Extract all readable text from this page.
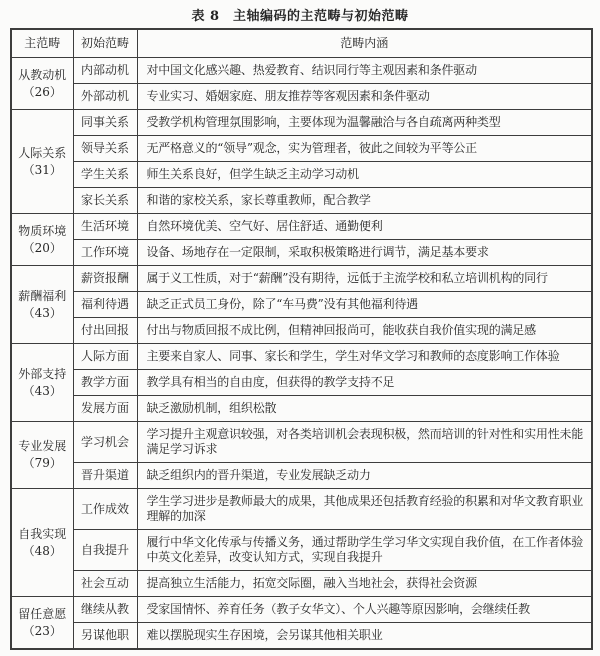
表 8　主轴编码的主范畴与初始范畴
主范畴	初始范畴	范畴内涵

从教动机
（26）	内部动机	对中国文化感兴趣、热爱教育、结识同行等主观因素和条件驱动
	外部动机	专业实习、婚姻家庭、朋友推荐等客观因素和条件驱动

人际关系
（31）	同事关系	受教学机构管理氛围影响，主要体现为温馨融洽与各自疏离两种类型
	领导关系	无严格意义的“领导”观念，实为管理者，彼此之间较为平等公正
	学生关系	师生关系良好，但学生缺乏主动学习动机
	家长关系	和谐的家校关系，家长尊重教师，配合教学

物质环境
（20）	生活环境	自然环境优美、空气好、居住舒适、通勤便利
	工作环境	设备、场地存在一定限制，采取积极策略进行调节，满足基本要求

薪酬福利
（43）	薪资报酬	属于义工性质，对于“薪酬”没有期待，远低于主流学校和私立培训机构的同行
	福利待遇	缺乏正式员工身份，除了“车马费”没有其他福利待遇
	付出回报	付出与物质回报不成比例，但精神回报尚可，能收获自我价值实现的满足感

外部支持
（43）	人际方面	主要来自家人、同事、家长和学生，学生对华文学习和教师的态度影响工作体验
	教学方面	教学具有相当的自由度，但获得的教学支持不足
	发展方面	缺乏激励机制，组织松散

专业发展
（79）	学习机会	学习提升主观意识较强，对各类培训机会表现积极，然而培训的针对性和实用性未能满足学习诉求
	晋升渠道	缺乏组织内的晋升渠道，专业发展缺乏动力

自我实现
（48）	工作成效	学生学习进步是教师最大的成果，其他成果还包括教育经验的积累和对华文教育职业理解的加深
	自我提升	履行中华文化传承与传播义务，通过帮助学生学习华文实现自我价值，在工作者体验中英文化差异，改变认知方式，实现自我提升
	社会互动	提高独立生活能力，拓宽交际圈，融入当地社会，获得社会资源

留任意愿
（23）	继续从教	受家国情怀、养育任务（教子女华文）、个人兴趣等原因影响，会继续任教
	另谋他职	难以摆脱现实生存困境，会另谋其他相关职业
